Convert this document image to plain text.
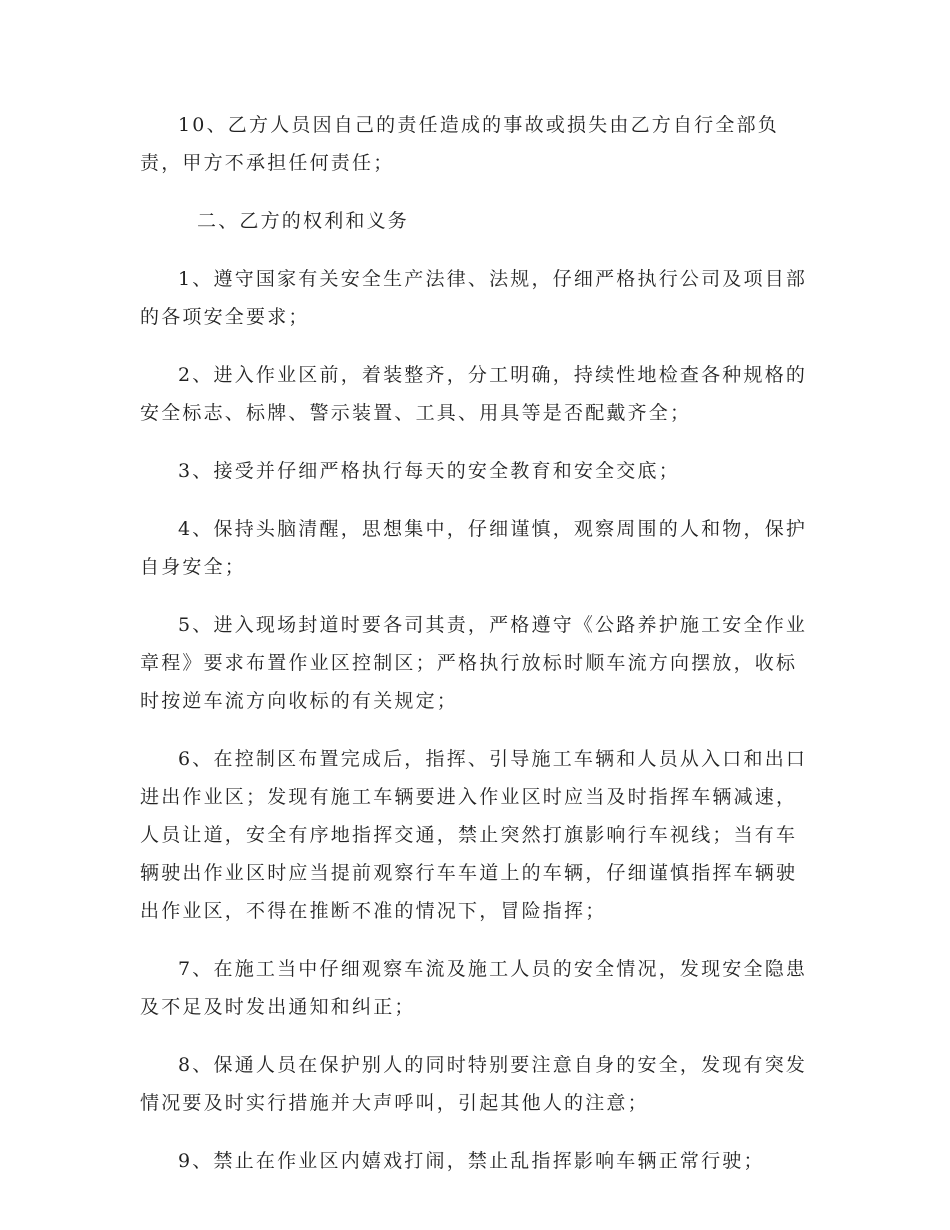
10、乙方人员因自己的责任造成的事故或损失由乙方自行全部负责，甲方不承担任何责任；

二、乙方的权利和义务

1、遵守国家有关安全生产法律、法规，仔细严格执行公司及项目部的各项安全要求；

2、进入作业区前，着装整齐，分工明确，持续性地检查各种规格的安全标志、标牌、警示装置、工具、用具等是否配戴齐全；

3、接受并仔细严格执行每天的安全教育和安全交底；

4、保持头脑清醒，思想集中，仔细谨慎，观察周围的人和物，保护自身安全；

5、进入现场封道时要各司其责，严格遵守《公路养护施工安全作业章程》要求布置作业区控制区；严格执行放标时顺车流方向摆放，收标时按逆车流方向收标的有关规定；

6、在控制区布置完成后，指挥、引导施工车辆和人员从入口和出口进出作业区；发现有施工车辆要进入作业区时应当及时指挥车辆减速，人员让道，安全有序地指挥交通，禁止突然打旗影响行车视线；当有车辆驶出作业区时应当提前观察行车车道上的车辆，仔细谨慎指挥车辆驶出作业区，不得在推断不准的情况下，冒险指挥；

7、在施工当中仔细观察车流及施工人员的安全情况，发现安全隐患及不足及时发出通知和纠正；

8、保通人员在保护别人的同时特别要注意自身的安全，发现有突发情况要及时实行措施并大声呼叫，引起其他人的注意；

9、禁止在作业区内嬉戏打闹，禁止乱指挥影响车辆正常行驶；
